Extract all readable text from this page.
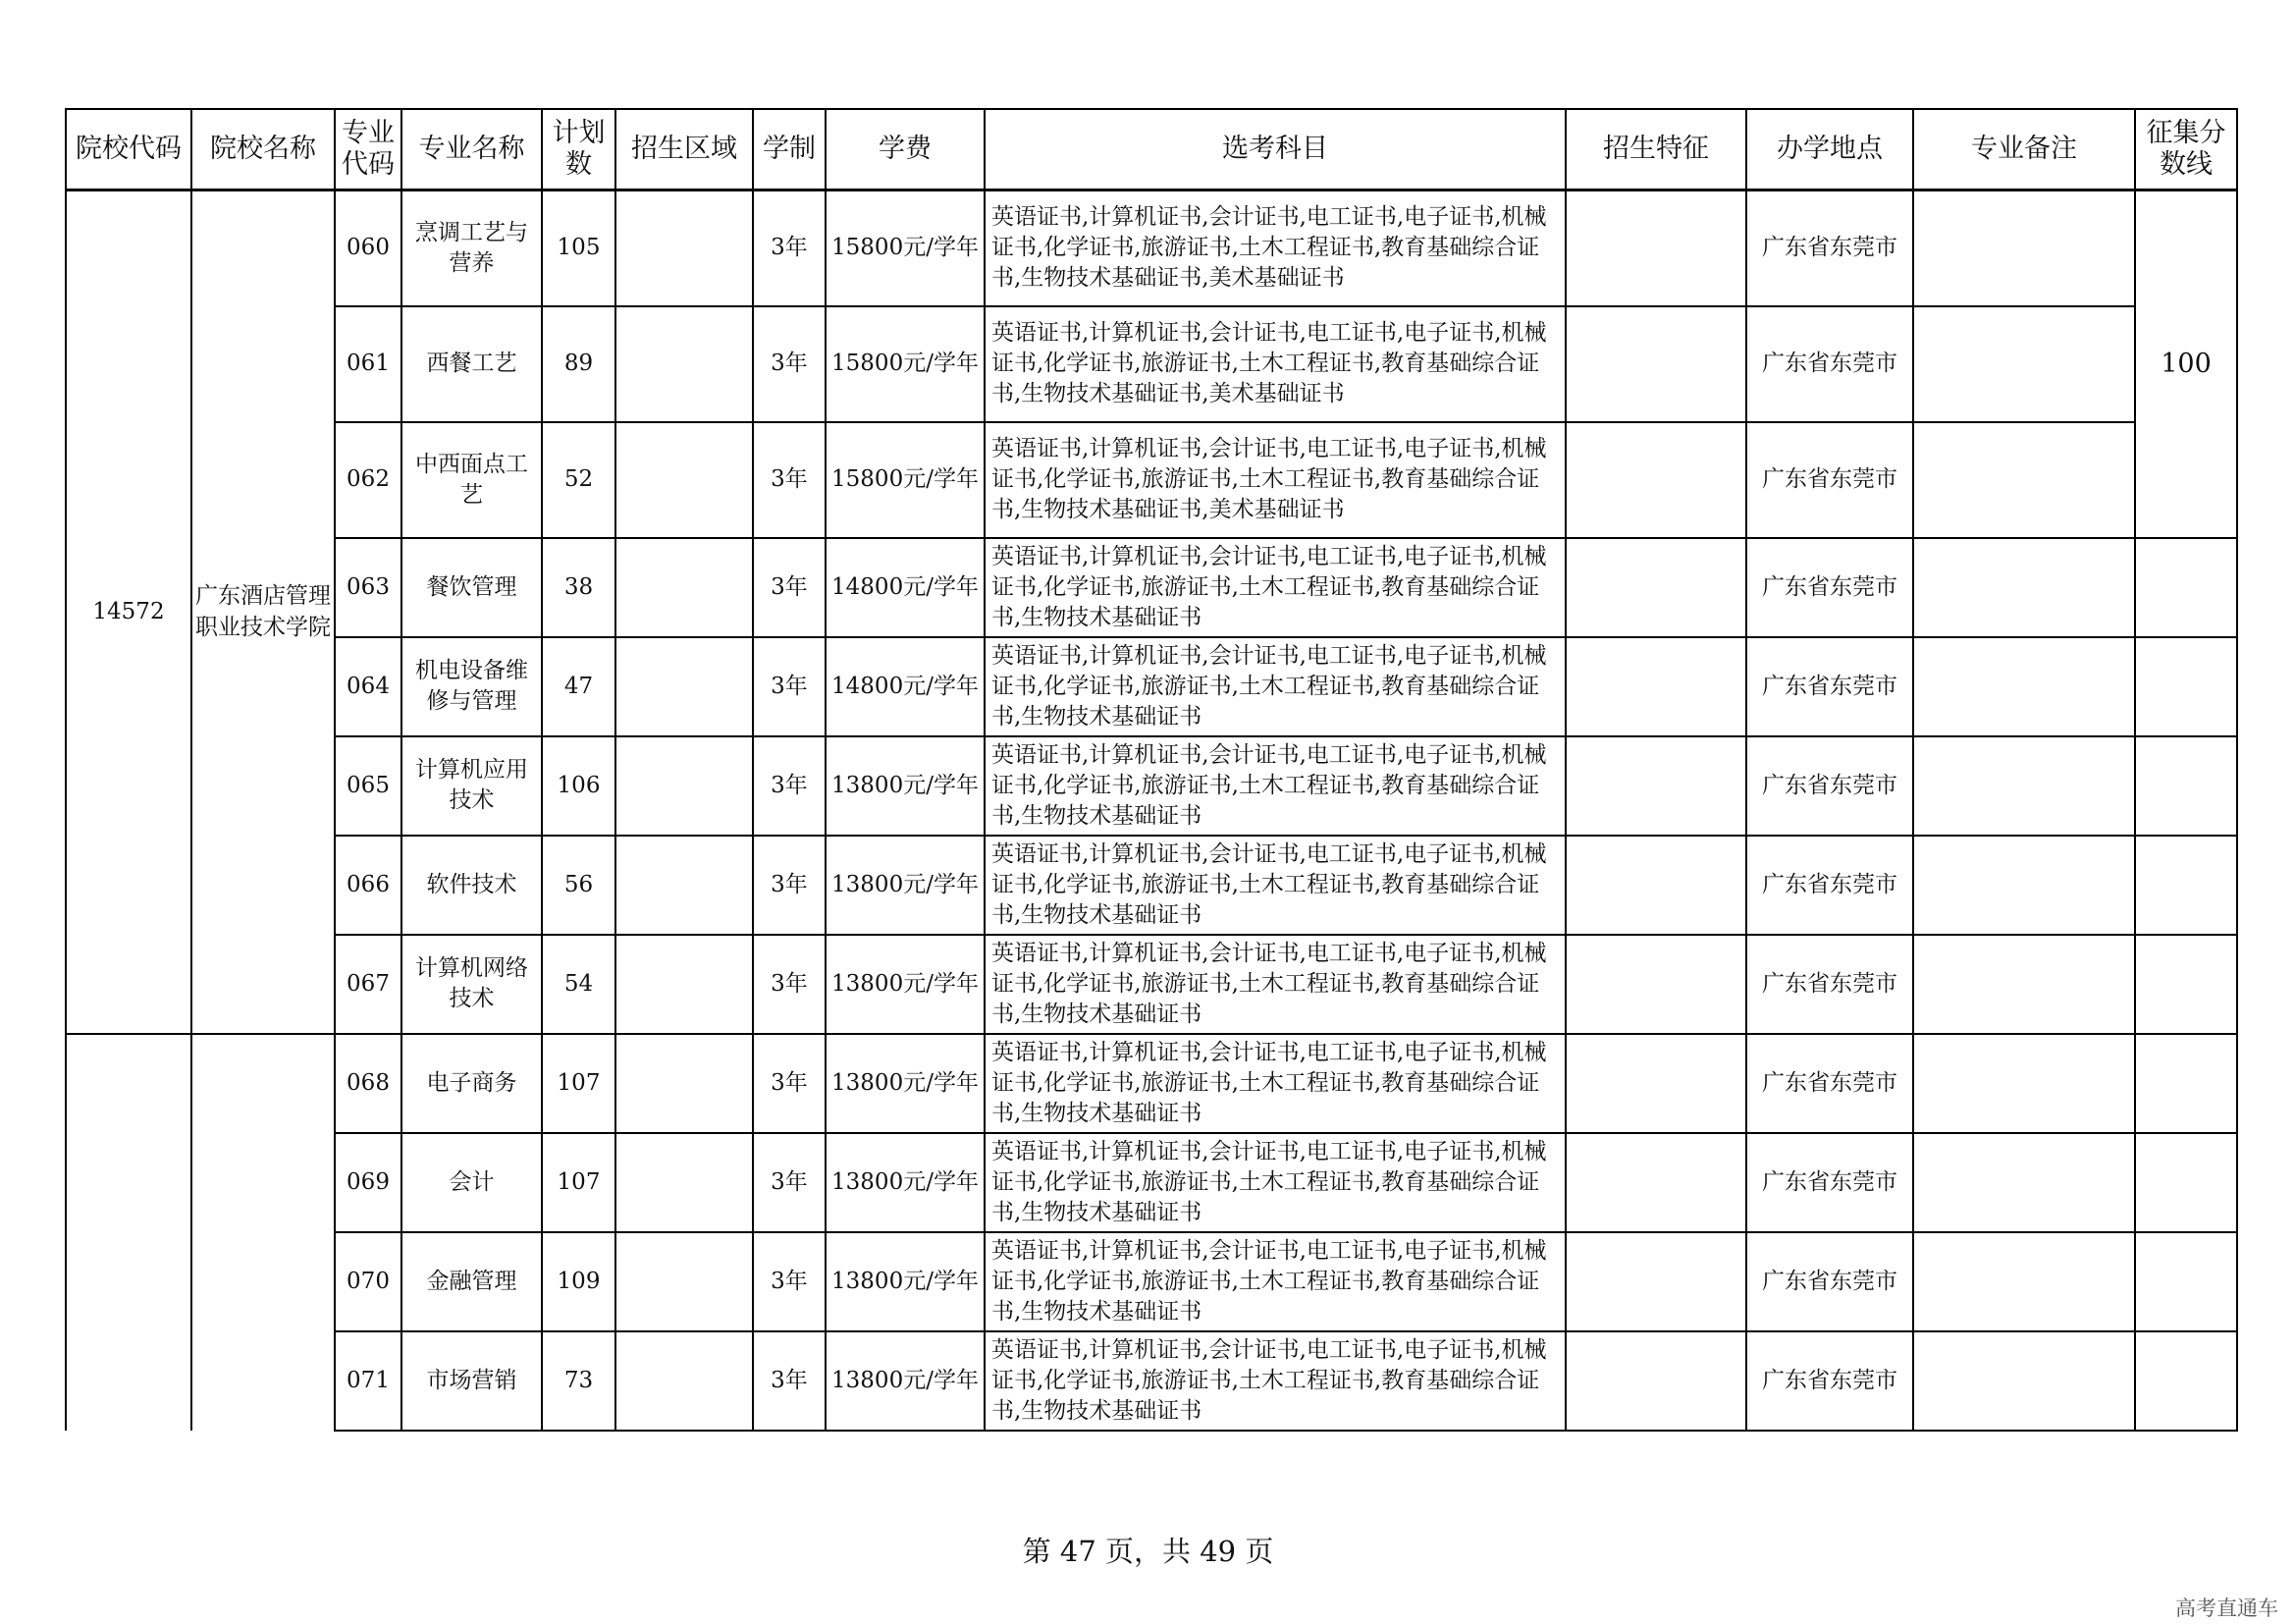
院校代码	院校名称	专业代码	专业名称	计划数	招生区域	学制	学费	选考科目	招生特征	办学地点	专业备注	征集分数线
14572	广东酒店管理职业技术学院	060	烹调工艺与营养	105		3年	15800元/学年	英语证书,计算机证书,会计证书,电工证书,电子证书,机械证书,化学证书,旅游证书,土木工程证书,教育基础综合证书,生物技术基础证书,美术基础证书		广东省东莞市		100
		061	西餐工艺	89		3年	15800元/学年	英语证书,计算机证书,会计证书,电工证书,电子证书,机械证书,化学证书,旅游证书,土木工程证书,教育基础综合证书,生物技术基础证书,美术基础证书		广东省东莞市		
		062	中西面点工艺	52		3年	15800元/学年	英语证书,计算机证书,会计证书,电工证书,电子证书,机械证书,化学证书,旅游证书,土木工程证书,教育基础综合证书,生物技术基础证书,美术基础证书		广东省东莞市		
		063	餐饮管理	38		3年	14800元/学年	英语证书,计算机证书,会计证书,电工证书,电子证书,机械证书,化学证书,旅游证书,土木工程证书,教育基础综合证书,生物技术基础证书		广东省东莞市		
		064	机电设备维修与管理	47		3年	14800元/学年	英语证书,计算机证书,会计证书,电工证书,电子证书,机械证书,化学证书,旅游证书,土木工程证书,教育基础综合证书,生物技术基础证书		广东省东莞市		
		065	计算机应用技术	106		3年	13800元/学年	英语证书,计算机证书,会计证书,电工证书,电子证书,机械证书,化学证书,旅游证书,土木工程证书,教育基础综合证书,生物技术基础证书		广东省东莞市		
		066	软件技术	56		3年	13800元/学年	英语证书,计算机证书,会计证书,电工证书,电子证书,机械证书,化学证书,旅游证书,土木工程证书,教育基础综合证书,生物技术基础证书		广东省东莞市		
		067	计算机网络技术	54		3年	13800元/学年	英语证书,计算机证书,会计证书,电工证书,电子证书,机械证书,化学证书,旅游证书,土木工程证书,教育基础综合证书,生物技术基础证书		广东省东莞市		
		068	电子商务	107		3年	13800元/学年	英语证书,计算机证书,会计证书,电工证书,电子证书,机械证书,化学证书,旅游证书,土木工程证书,教育基础综合证书,生物技术基础证书		广东省东莞市		
		069	会计	107		3年	13800元/学年	英语证书,计算机证书,会计证书,电工证书,电子证书,机械证书,化学证书,旅游证书,土木工程证书,教育基础综合证书,生物技术基础证书		广东省东莞市		
		070	金融管理	109		3年	13800元/学年	英语证书,计算机证书,会计证书,电工证书,电子证书,机械证书,化学证书,旅游证书,土木工程证书,教育基础综合证书,生物技术基础证书		广东省东莞市		
		071	市场营销	73		3年	13800元/学年	英语证书,计算机证书,会计证书,电工证书,电子证书,机械证书,化学证书,旅游证书,土木工程证书,教育基础综合证书,生物技术基础证书		广东省东莞市		
第 47 页，共 49 页
高考直通车
